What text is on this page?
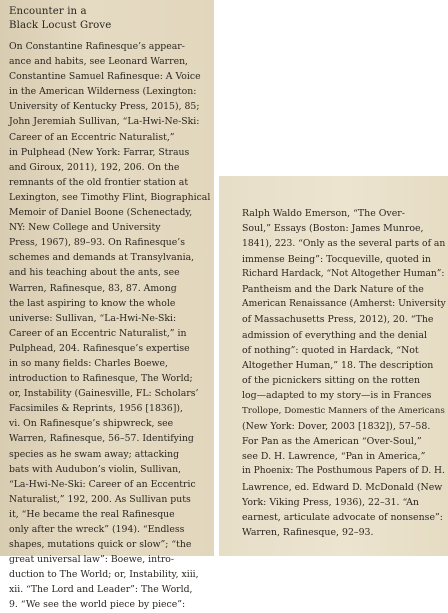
Encounter in a
Black Locust Grove
On Constantine Rafinesque’s appear-
ance and habits, see Leonard Warren,
Constantine Samuel Rafinesque: A Voice
in the American Wilderness (Lexington:
University of Kentucky Press, 2015), 85;
John Jeremiah Sullivan, “La-Hwi-Ne-Ski:
Career of an Eccentric Naturalist,”
in Pulphead (New York: Farrar, Straus
and Giroux, 2011), 192, 206. On the
remnants of the old frontier station at
Lexington, see Timothy Flint, Biographical
Memoir of Daniel Boone (Schenectady,
NY: New College and University
Press, 1967), 89–93. On Rafinesque’s
schemes and demands at Transylvania,
and his teaching about the ants, see
Warren, Rafinesque, 83, 87. Among
the last aspiring to know the whole
universe: Sullivan, “La-Hwi-Ne-Ski:
Career of an Eccentric Naturalist,” in
Pulphead, 204. Rafinesque’s expertise
in so many fields: Charles Boewe,
introduction to Rafinesque, The World;
or, Instability (Gainesville, FL: Scholars’
Facsimiles & Reprints, 1956 [1836]),
vi. On Rafinesque’s shipwreck, see
Warren, Rafinesque, 56–57. Identifying
species as he swam away; attacking
bats with Audubon’s violin, Sullivan,
“La-Hwi-Ne-Ski: Career of an Eccentric
Naturalist,” 192, 200. As Sullivan puts
it, “He became the real Rafinesque
only after the wreck” (194). “Endless
shapes, mutations quick or slow”; “the
great universal law”: Boewe, intro-
duction to The World; or, Instability, xiii,
xii. “The Lord and Leader”: The World,
9. “We see the world piece by piece”:
Ralph Waldo Emerson, “The Over-
Soul,” Essays (Boston: James Munroe,
1841), 223. “Only as the several parts of an
immense Being”: Tocqueville, quoted in
Richard Hardack, “Not Altogether Human”:
Pantheism and the Dark Nature of the
American Renaissance (Amherst: University
of Massachusetts Press, 2012), 20. “The
admission of everything and the denial
of nothing”: quoted in Hardack, “Not
Altogether Human,” 18. The description
of the picnickers sitting on the rotten
log—adapted to my story—is in Frances
Trollope, Domestic Manners of the Americans
(New York: Dover, 2003 [1832]), 57–58.
For Pan as the American “Over-Soul,”
see D. H. Lawrence, “Pan in America,”
in Phoenix: The Posthumous Papers of D. H.
Lawrence, ed. Edward D. McDonald (New
York: Viking Press, 1936), 22–31. “An
earnest, articulate advocate of nonsense”:
Warren, Rafinesque, 92–93.
